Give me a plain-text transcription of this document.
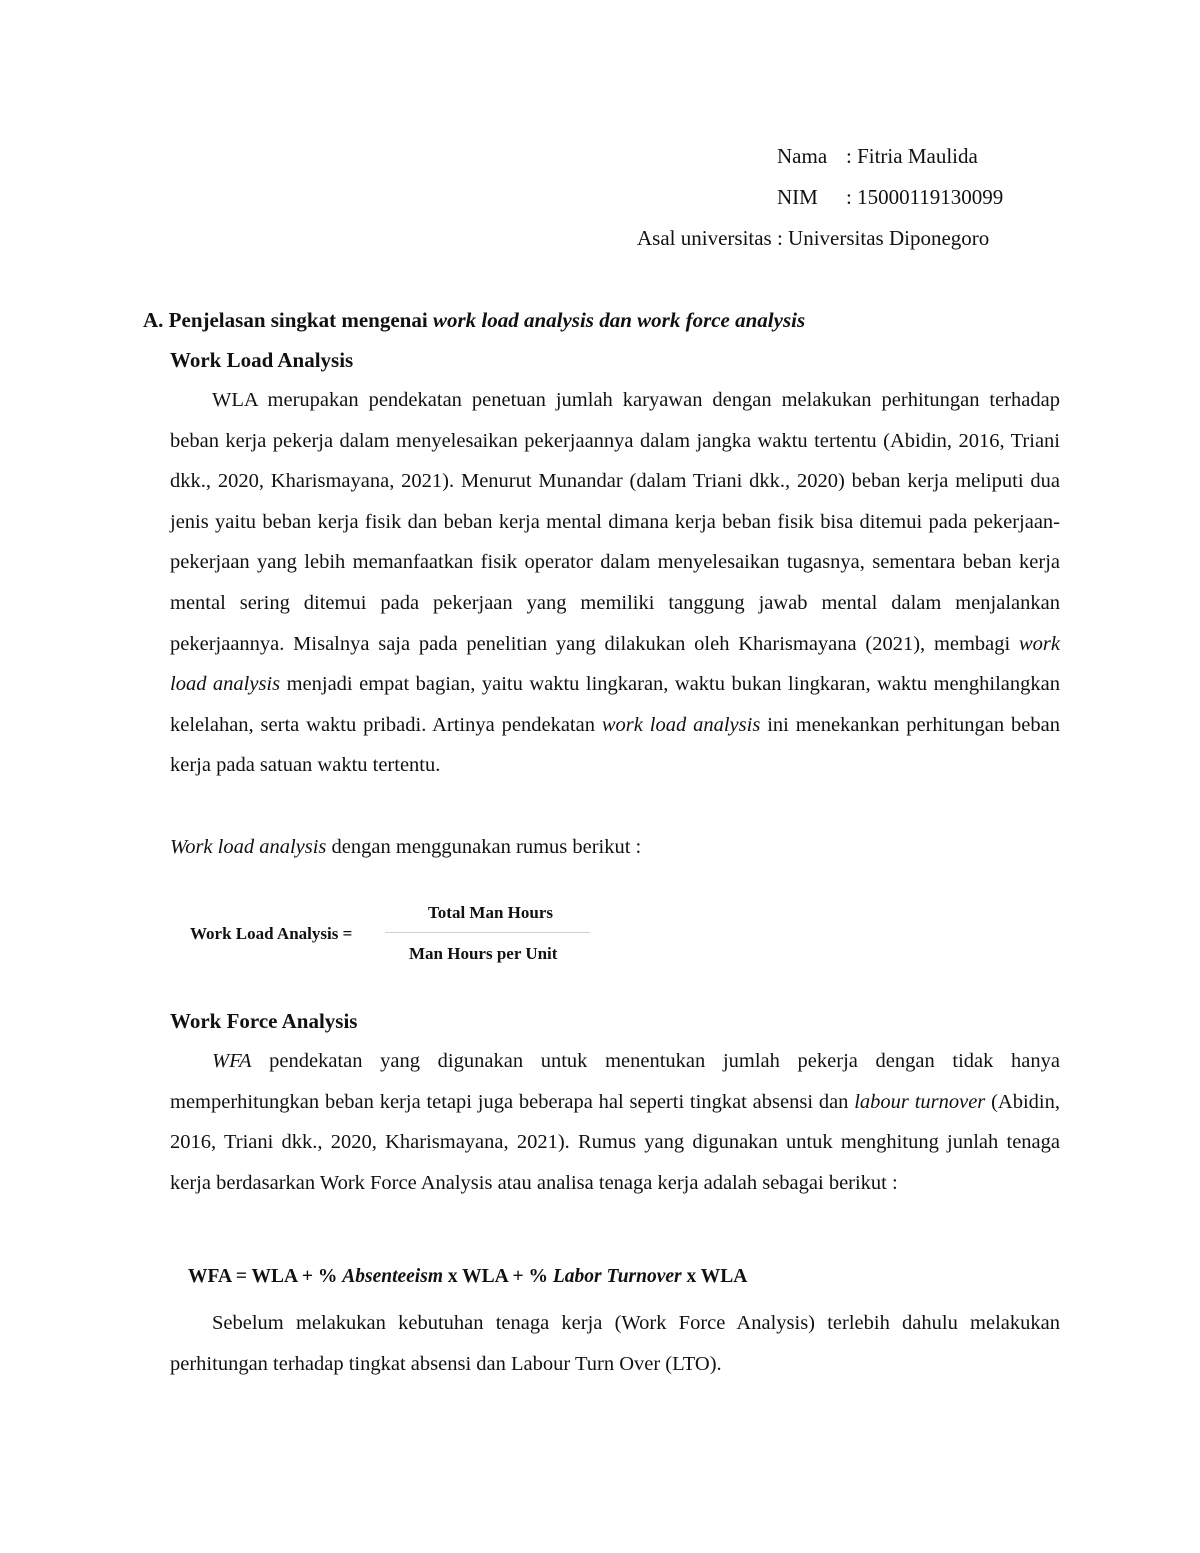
Nama : Fitria Maulida
NIM : 15000119130099
Asal universitas : Universitas Diponegoro
A. Penjelasan singkat mengenai work load analysis dan work force analysis
Work Load Analysis
WLA merupakan pendekatan penetuan jumlah karyawan dengan melakukan perhitungan terhadap beban kerja pekerja dalam menyelesaikan pekerjaannya dalam jangka waktu tertentu (Abidin, 2016, Triani dkk., 2020, Kharismayana, 2021). Menurut Munandar (dalam Triani dkk., 2020) beban kerja meliputi dua jenis yaitu beban kerja fisik dan beban kerja mental dimana kerja beban fisik bisa ditemui pada pekerjaan-pekerjaan yang lebih memanfaatkan fisik operator dalam menyelesaikan tugasnya, sementara beban kerja mental sering ditemui pada pekerjaan yang memiliki tanggung jawab mental dalam menjalankan pekerjaannya. Misalnya saja pada penelitian yang dilakukan oleh Kharismayana (2021), membagi work load analysis menjadi empat bagian, yaitu waktu lingkaran, waktu bukan lingkaran, waktu menghilangkan kelelahan, serta waktu pribadi. Artinya pendekatan work load analysis ini menekankan perhitungan beban kerja pada satuan waktu tertentu.
Work load analysis dengan menggunakan rumus berikut :
Work Load Analysis =
Total Man Hours
Man Hours per Unit
Work Force Analysis
WFA pendekatan yang digunakan untuk menentukan jumlah pekerja dengan tidak hanya memperhitungkan beban kerja tetapi juga beberapa hal seperti tingkat absensi dan labour turnover (Abidin, 2016, Triani dkk., 2020, Kharismayana, 2021). Rumus yang digunakan untuk menghitung junlah tenaga kerja berdasarkan Work Force Analysis atau analisa tenaga kerja adalah sebagai berikut :
WFA = WLA + % Absenteeism x WLA + % Labor Turnover x WLA
Sebelum melakukan kebutuhan tenaga kerja (Work Force Analysis) terlebih dahulu melakukan perhitungan terhadap tingkat absensi dan Labour Turn Over (LTO).
